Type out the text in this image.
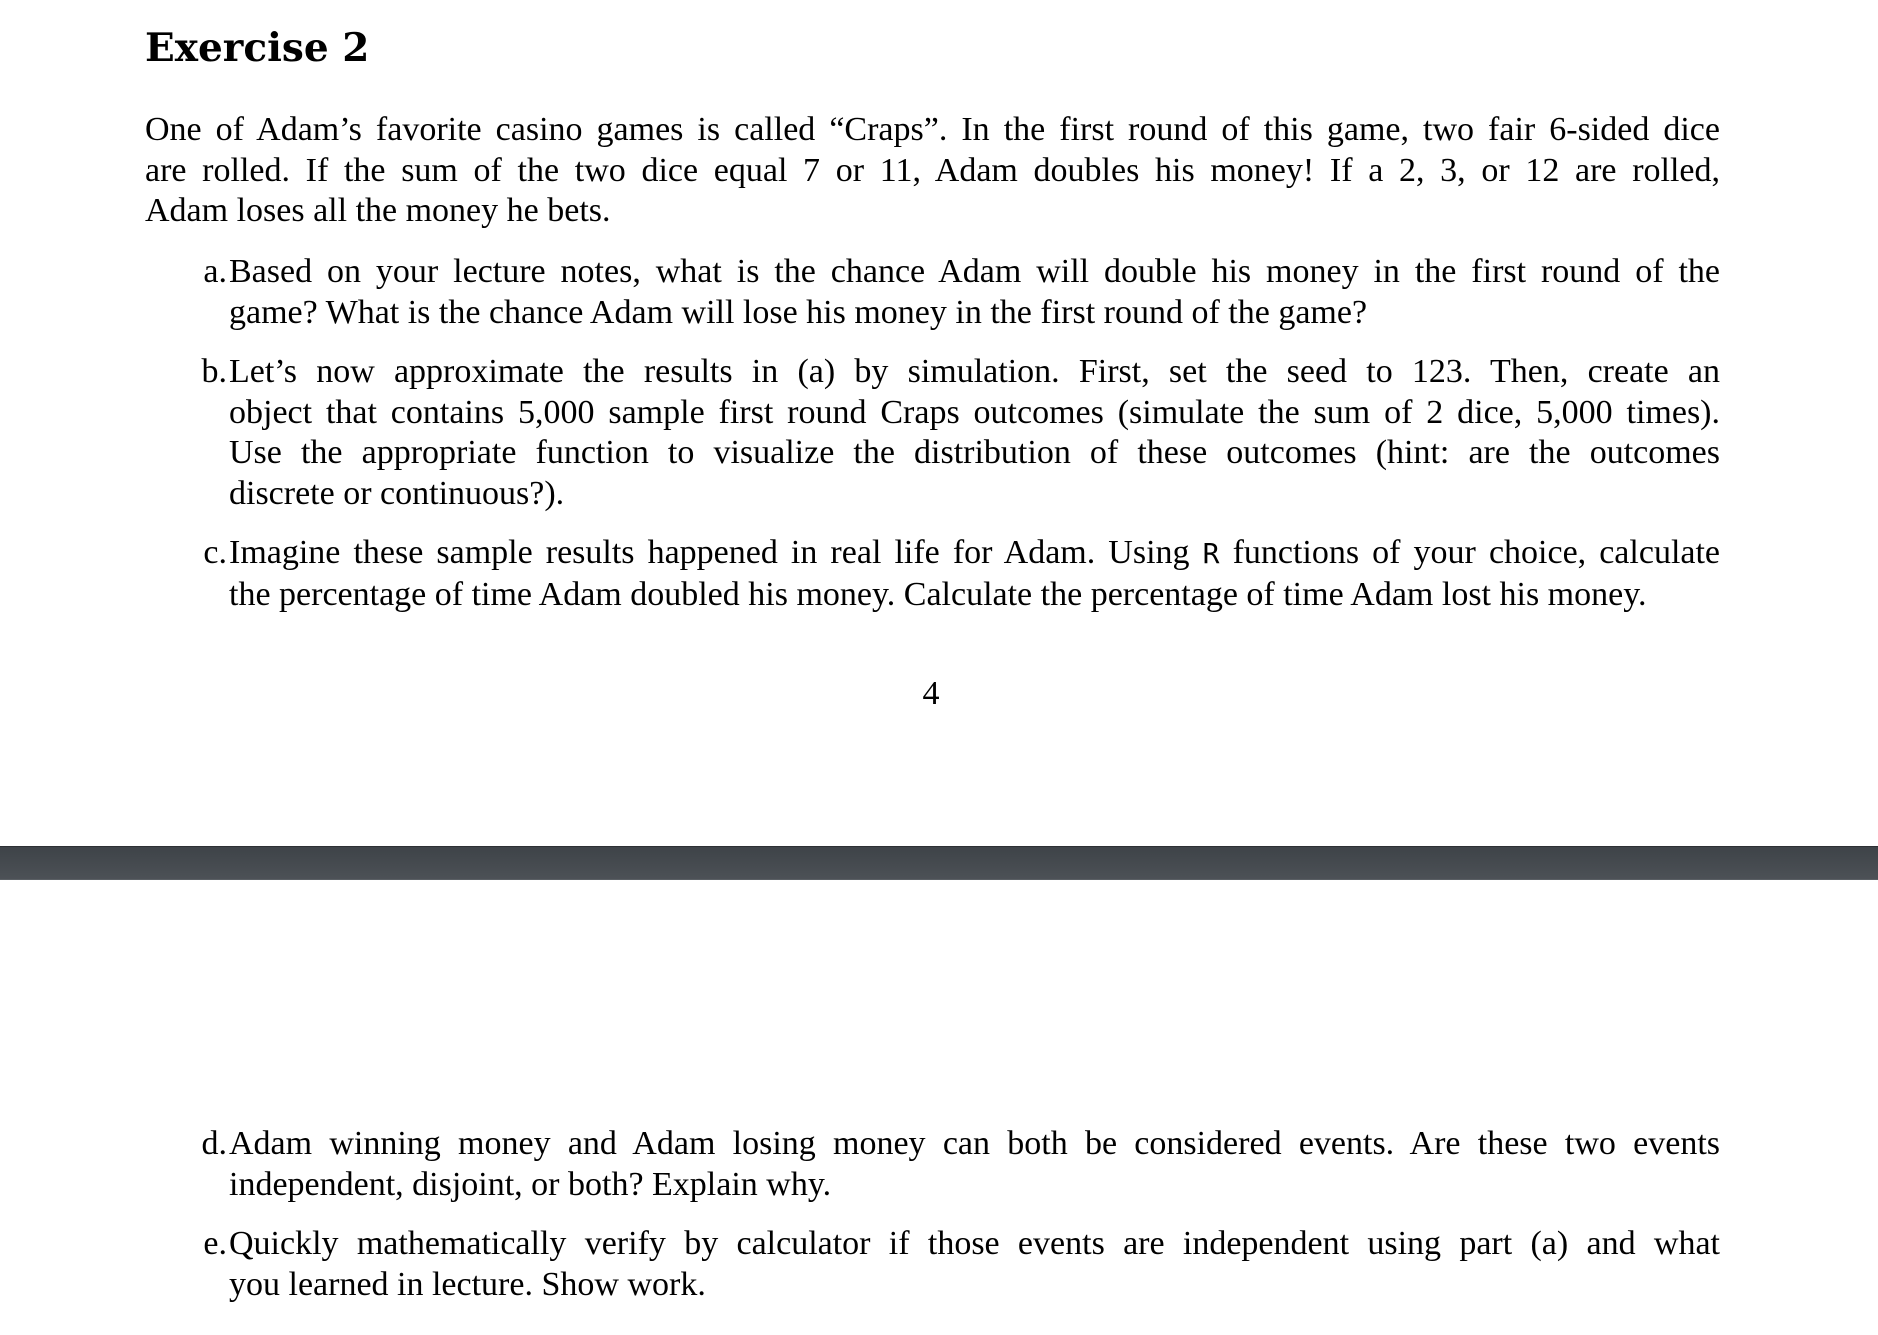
Exercise 2
One of Adam’s favorite casino games is called “Craps”. In the first round of this game, two fair 6-sided dice
are rolled. If the sum of the two dice equal 7 or 11, Adam doubles his money! If a 2, 3, or 12 are rolled,
Adam loses all the money he bets.
a. Based on your lecture notes, what is the chance Adam will double his money in the first round of the
game? What is the chance Adam will lose his money in the first round of the game?
b. Let’s now approximate the results in (a) by simulation. First, set the seed to 123. Then, create an
object that contains 5,000 sample first round Craps outcomes (simulate the sum of 2 dice, 5,000 times).
Use the appropriate function to visualize the distribution of these outcomes (hint: are the outcomes
discrete or continuous?).
c. Imagine these sample results happened in real life for Adam. Using R functions of your choice, calculate
the percentage of time Adam doubled his money. Calculate the percentage of time Adam lost his money.
4
d. Adam winning money and Adam losing money can both be considered events. Are these two events
independent, disjoint, or both? Explain why.
e. Quickly mathematically verify by calculator if those events are independent using part (a) and what
you learned in lecture. Show work.
